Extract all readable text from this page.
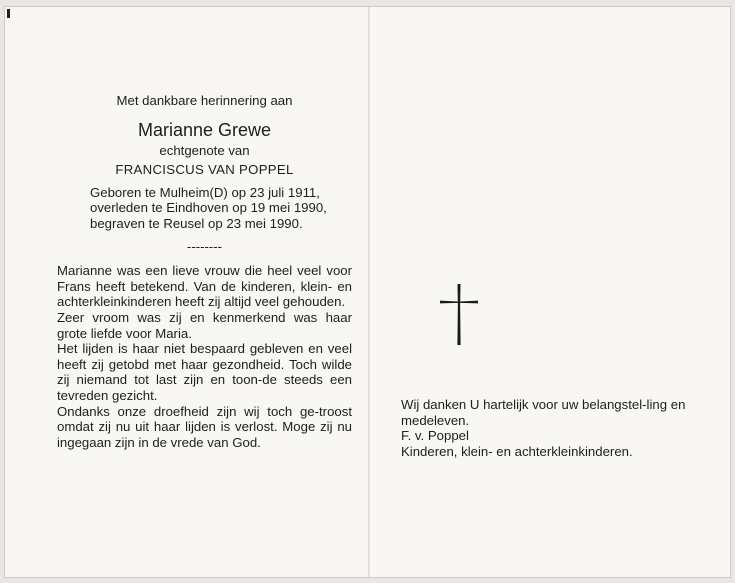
Met dankbare herinnering aan
Marianne Grewe
echtgenote van
FRANCISCUS VAN POPPEL
Geboren te Mulheim(D) op 23 juli 1911,
overleden te Eindhoven op 19 mei 1990,
begraven te Reusel op 23 mei 1990.
--------

Marianne was een lieve vrouw die heel veel voor Frans heeft betekend. Van de kinderen, klein- en achterkleinkinderen heeft zij altijd veel gehouden.

Zeer vroom was zij en kenmerkend was haar grote liefde voor Maria.

Het lijden is haar niet bespaard gebleven en veel heeft zij getobd met haar gezondheid. Toch wilde zij niemand tot last zijn en toon-de steeds een tevreden gezicht.

Ondanks onze droefheid zijn wij toch ge-troost omdat zij nu uit haar lijden is verlost. Moge zij nu ingegaan zijn in de vrede van God.

Wij danken U hartelijk voor uw belangstel-ling en medeleven.

F. v. Poppel

Kinderen, klein- en achterkleinkinderen.
